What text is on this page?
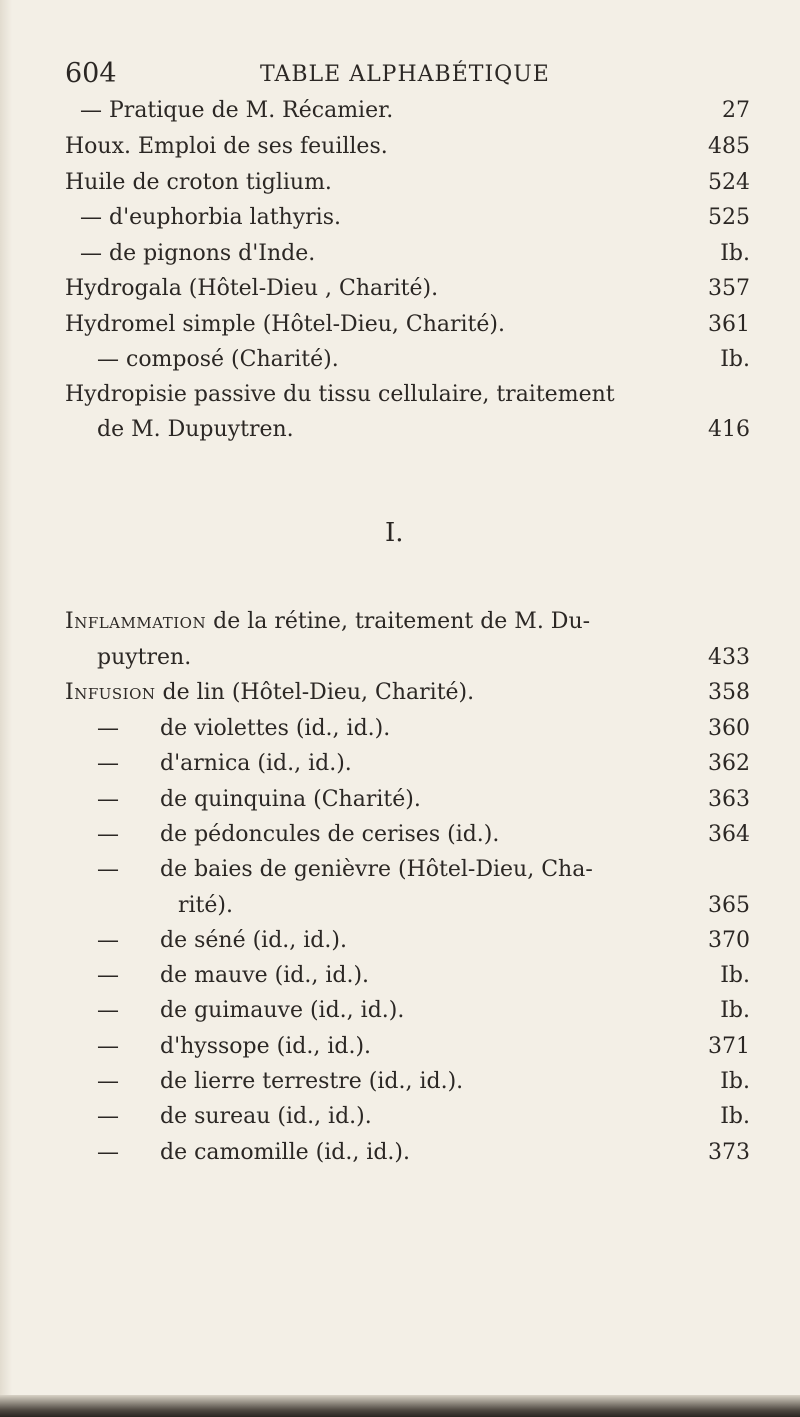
604	TABLE ALPHABÉTIQUE
— Pratique de M. Récamier.	27
Houx. Emploi de ses feuilles.	485
Huile de croton tiglium.	524
— d'euphorbia lathyris.	525
— de pignons d'Inde.	Ib.
Hydrogala (Hôtel-Dieu , Charité).	357
Hydromel simple (Hôtel-Dieu, Charité).	361
— composé (Charité).	Ib.
Hydropisie passive du tissu cellulaire, traitement
de M. Dupuytren.	416
I.
Inflammation de la rétine, traitement de M. Du-
puytren.	433
Infusion de lin (Hôtel-Dieu, Charité).	358
— de violettes (id., id.).	360
— d'arnica (id., id.).	362
— de quinquina (Charité).	363
— de pédoncules de cerises (id.).	364
— de baies de genièvre (Hôtel-Dieu, Cha-
rité).	365
— de séné (id., id.).	370
— de mauve (id., id.).	Ib.
— de guimauve (id., id.).	Ib.
— d'hyssope (id., id.).	371
— de lierre terrestre (id., id.).	Ib.
— de sureau (id., id.).	Ib.
— de camomille (id., id.).	373
